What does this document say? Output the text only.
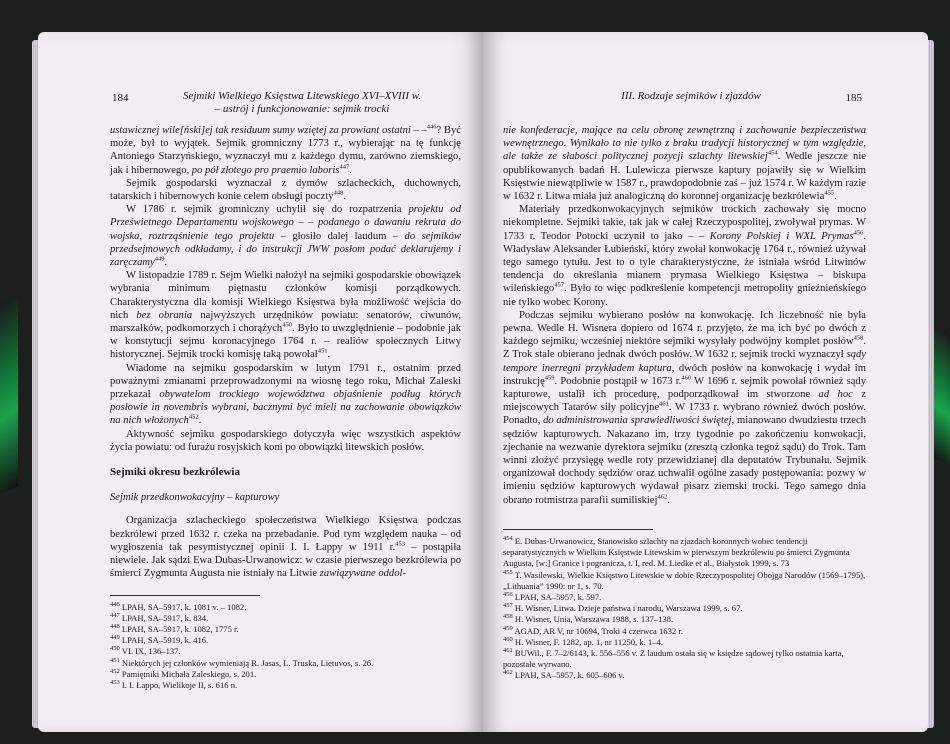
184	Sejmiki Wielkiego Księstwa Litewskiego XVI–XVIII w.
– ustrój i funkcjonowanie: sejmik trocki

ustawicznej wile[ński]ej tak residuum sumy wziętej za prowiant ostatni – –$^{446}$? Być może, był to wyjątek. Sejmik gromniczny 1773 r., wybierając na tę funkcję Antoniego Starzyńskiego, wyznaczył mu z każdego dymu, zarówno ziemskiego, jak i hibernowego, po pół złotego pro praemio laboris$^{447}$.

Sejmik gospodarski wyznaczał z dymów szlacheckich, duchownych, tatarskich i hibernowych konie celem obsługi poczty$^{448}$.

W 1786 r. sejmik gromniczny uchylił się do rozpatrzenia projektu od Prześwietnego Departamentu wojskowego – – podanego o dawaniu rekruta do wojska, roztrząśnienie tego projektu – głosiło dalej laudum – do sejmików przedsejmowych odkładamy, i do instrukcji JWW posłom podać deklarujemy i zaręczamy$^{449}$.

W listopadzie 1789 r. Sejm Wielki nałożył na sejmiki gospodarskie obowiązek wybrania minimum piętnastu członków komisji porządkowych. Charakterystyczna dla komisji Wielkiego Księstwa była możliwość wejścia do nich bez obrania najwyższych urzędników powiatu: senatorów, ciwunów, marszałków, podkomorzych i chorążych$^{450}$. Było to uwzględnienie – podobnie jak w konstytucji sejmu koronacyjnego 1764 r. – realiów społecznych Litwy historycznej. Sejmik trocki komisję taką powołał$^{451}$.

Wiadome na sejmiku gospodarskim w lutym 1791 r., ostatnim przed poważnymi zmianami przeprowadzonymi na wiosnę tego roku, Michał Zaleski przekazał obywatelom trockiego województwa objaśnienie podług których posłowie in novembris wybrani, bacznymi być mieli na zachowanie obowiązków na nich włożonych$^{452}$.

Aktywność sejmiku gospodarskiego dotyczyła więc wszystkich aspektów życia powiatu: od furażu rosyjskich koni po obowiązki litewskich posłów.

Sejmiki okresu bezkrólewia

Sejmik przedkonwokacyjny – kapturowy

Organizacja szlacheckiego społeczeństwa Wielkiego Księstwa podczas bezkrólewi przed 1632 r. czeka na przebadanie. Pod tym względem nauka – od wygłoszenia tak pesymistycznej opinii I. I. Łappy w 1911 r.$^{453}$ – postąpiła niewiele. Jak sądzi Ewa Dubas-Urwanowicz: w czasie pierwszego bezkrólewia po śmierci Zygmunta Augusta nie istniały na Litwie zawiązywane oddol-

$^{446}$ LPAH, SA–5917, k. 1081 v. – 1082.
$^{447}$ LPAH, SA–5917, k. 834.
$^{448}$ LPAH, SA–5917, k. 1082, 1775 r.
$^{449}$ LPAH, SA–5919, k. 416.
$^{450}$ VL IX, 136–137.
$^{451}$ Niektórych jej członków wymieniają R. Jasas, L. Truska, Lietuvos, s. 26.
$^{452}$ Pamiętniki Michała Zaleskiego, s. 201.
$^{453}$ I. I. Łappo, Wielikoje II, s. 616 n.
III. Rodzaje sejmików i zjazdów	185

nie konfederacje, mające na celu obronę zewnętrzną i zachowanie bezpieczeństwa wewnętrznego. Wynikało to nie tylko z braku tradycji historycznej w tym względzie, ale także ze słabości politycznej pozycji szlachty litewskiej$^{454}$. Wedle jeszcze nie opublikowanych badań H. Lulewicza pierwsze kaptury pojawiły się w Wielkim Księstwie niewątpliwie w 1587 r., prawdopodobnie zaś – już 1574 r. W każdym razie w 1632 r. Litwa miała już analogiczną do koronnej organizację bezkrólewia$^{455}$.

Materiały przedkonwokacyjnych sejmików trockich zachowały się mocno niekompletne. Sejmiki takie, tak jak w całej Rzeczypospolitej, zwoływał prymas. W 1733 r. Teodor Potocki uczynił to jako – – Korony Polskiej i WXL Prymas$^{456}$. Władysław Aleksander Łubieński, który zwołał konwokację 1764 r., również używał tego samego tytułu. Jest to o tyle charakterystyczne, że istniała wśród Litwinów tendencja do określania mianem prymasa Wielkiego Księstwa – biskupa wileńskiego$^{457}$. Było to więc podkreślenie kompetencji metropolity gnieźnieńskiego nie tylko wobec Korony.

Podczas sejmiku wybierano posłów na konwokację. Ich liczebność nie była pewna. Wedle H. Wisnera dopiero od 1674 r. przyjęto, że ma ich być po dwóch z każdego sejmiku, wcześniej niektóre sejmiki wysyłały podwójny komplet posłów$^{458}$. Z Trok stale obierano jednak dwóch posłów. W 1632 r. sejmik trocki wyznaczył sądy tempore inerregni przykładem kaptura, dwóch posłów na konwokację i wydał im instrukcję$^{459}$. Podobnie postąpił w 1673 r.$^{460}$ W 1696 r. sejmik powołał również sądy kapturowe, ustalił ich procedurę, podporządkował im stworzone ad hoc z miejscowych Tatarów siły policyjne$^{461}$. W 1733 r. wybrano również dwóch posłów. Ponadto, do administrowania sprawiedliwości świętej, mianowano dwudziestu trzech sędziów kapturowych. Nakazano im, trzy tygodnie po zakończeniu konwokacji, zjechanie na wezwanie dyrektora sejmiku (zresztą członka tegoż sądu) do Trok. Tam winni złożyć przysięgę wedle roty przewidzianej dla deputatów Trybunału. Sejmik organizował dochody sędziów oraz uchwalił ogólne zasady postępowania: pozwy w imieniu sędziów kapturowych wydawał pisarz ziemski trocki. Tego samego dnia obrano rotmistrza parafii sumiliskiej$^{462}$.

$^{454}$ E. Dubas-Urwanowicz, Stanowisko szlachty na zjazdach koronnych wobec tendencji separatystycznych w Wielkim Księstwie Litewskim w pierwszym bezkrólewiu po śmierci Zygmunta Augusta, [w:] Granice i pogranicza, t. I, red. M. Liedke et al., Białystok 1999, s. 73
$^{455}$ T. Wasilewski, Wielkie Księstwo Litewskie w dobie Rzeczypospolitej Obojga Narodów (1569–1795), „Lithuania” 1990: nr 1, s. 70.
$^{456}$ LPAH, SA–5957, k. 597.
$^{457}$ H. Wisner, Litwa. Dzieje państwa i narodu, Warszawa 1999, s. 67.
$^{458}$ H. Wisner, Unia, Warszawa 1988, s. 137–138.
$^{459}$ AGAD, AR V, nr 10694, Troki 4 czerwca 1632 r.
$^{460}$ H. Wisner, F. 1282, ap. 1, nr 11250, k. 1–4.
$^{461}$ BUWil., F. 7–2/6143, k. 556–556 v. Z laudum ostała się w księdze sądowej tylko ostatnia karta, pozostałe wyrwano.
$^{462}$ LPAH, SA–5957, k. 605–606 v.
